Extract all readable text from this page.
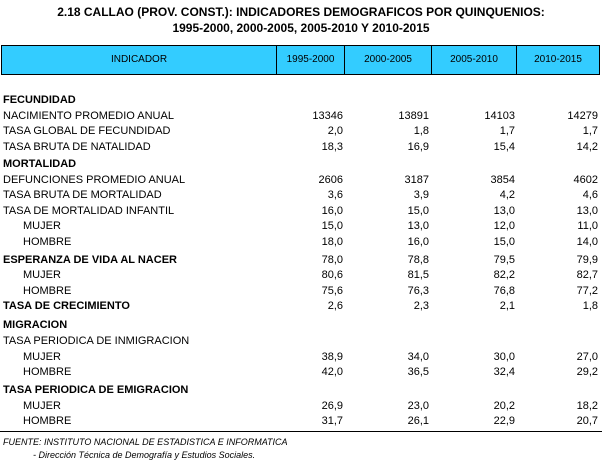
2.18 CALLAO (PROV. CONST.): INDICADORES DEMOGRAFICOS POR QUINQUENIOS:
1995-2000, 2000-2005, 2005-2010 Y 2010-2015
INDICADOR	1995-2000	2000-2005	2005-2010	2010-2015
FECUNDIDAD
NACIMIENTO PROMEDIO ANUAL	13346	13891	14103	14279
TASA GLOBAL DE FECUNDIDAD	2,0	1,8	1,7	1,7
TASA BRUTA DE NATALIDAD	18,3	16,9	15,4	14,2
MORTALIDAD
DEFUNCIONES PROMEDIO ANUAL	2606	3187	3854	4602
TASA BRUTA DE MORTALIDAD	3,6	3,9	4,2	4,6
TASA DE MORTALIDAD INFANTIL	16,0	15,0	13,0	13,0
MUJER	15,0	13,0	12,0	11,0
HOMBRE	18,0	16,0	15,0	14,0
ESPERANZA DE VIDA AL NACER	78,0	78,8	79,5	79,9
MUJER	80,6	81,5	82,2	82,7
HOMBRE	75,6	76,3	76,8	77,2
TASA DE CRECIMIENTO	2,6	2,3	2,1	1,8
MIGRACION
TASA PERIODICA DE INMIGRACION
MUJER	38,9	34,0	30,0	27,0
HOMBRE	42,0	36,5	32,4	29,2
TASA PERIODICA DE EMIGRACION
MUJER	26,9	23,0	20,2	18,2
HOMBRE	31,7	26,1	22,9	20,7
FUENTE: INSTITUTO NACIONAL DE ESTADISTICA E INFORMATICA
- Dirección Técnica de Demografía y Estudios Sociales.
